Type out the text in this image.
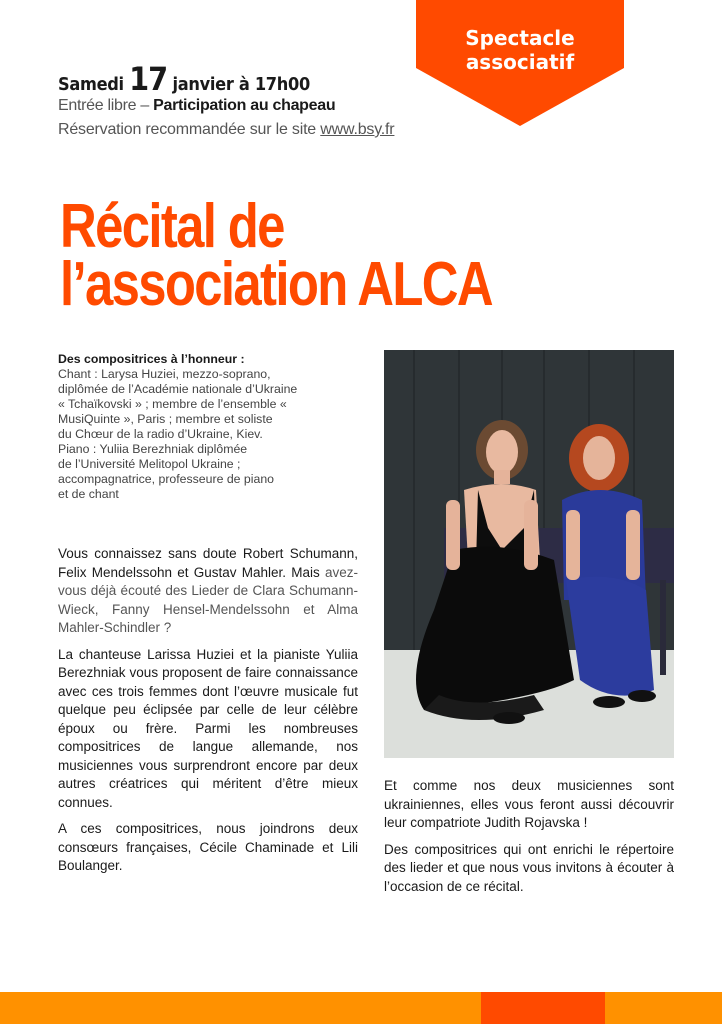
Spectacle
associatif
Samedi 17 janvier à 17h00
Entrée libre – Participation au chapeau
Réservation recommandée sur le site www.bsy.fr
Récital de
l’association ALCA
Des compositrices à l’honneur :
Chant : Larysa Huziei, mezzo-soprano,
diplômée de l’Académie nationale d’Ukraine
« Tchaïkovski » ; membre de l’ensemble «
MusiQuinte », Paris ; membre et soliste
du Chœur de la radio d’Ukraine, Kiev.
Piano : Yuliia Berezhniak diplômée
de l’Université Melitopol Ukraine ;
accompagnatrice, professeure de piano
et de chant

Vous connaissez sans doute Robert Schumann, Felix Mendelssohn et Gustav Mahler. Mais avez-vous déjà écouté des Lieder de Clara Schumann-Wieck, Fanny Hensel-Mendelssohn et Alma Mahler-Schindler ?

La chanteuse Larissa Huziei et la pianiste Yuliia Berezhniak vous proposent de faire connaissance avec ces trois femmes dont l’œuvre musicale fut quelque peu éclipsée par celle de leur célèbre époux ou frère. Parmi les nombreuses compositrices de langue allemande, nos musiciennes vous surprendront encore par deux autres créatrices qui méritent d’être mieux connues.

A ces compositrices, nous joindrons deux consœurs françaises, Cécile Chaminade et Lili Boulanger.

Et comme nos deux musiciennes sont ukrainiennes, elles vous feront aussi découvrir leur compatriote Judith Rojavska !

Des compositrices qui ont enrichi le répertoire des lieder et que nous vous invitons à écouter à l’occasion de ce récital.
